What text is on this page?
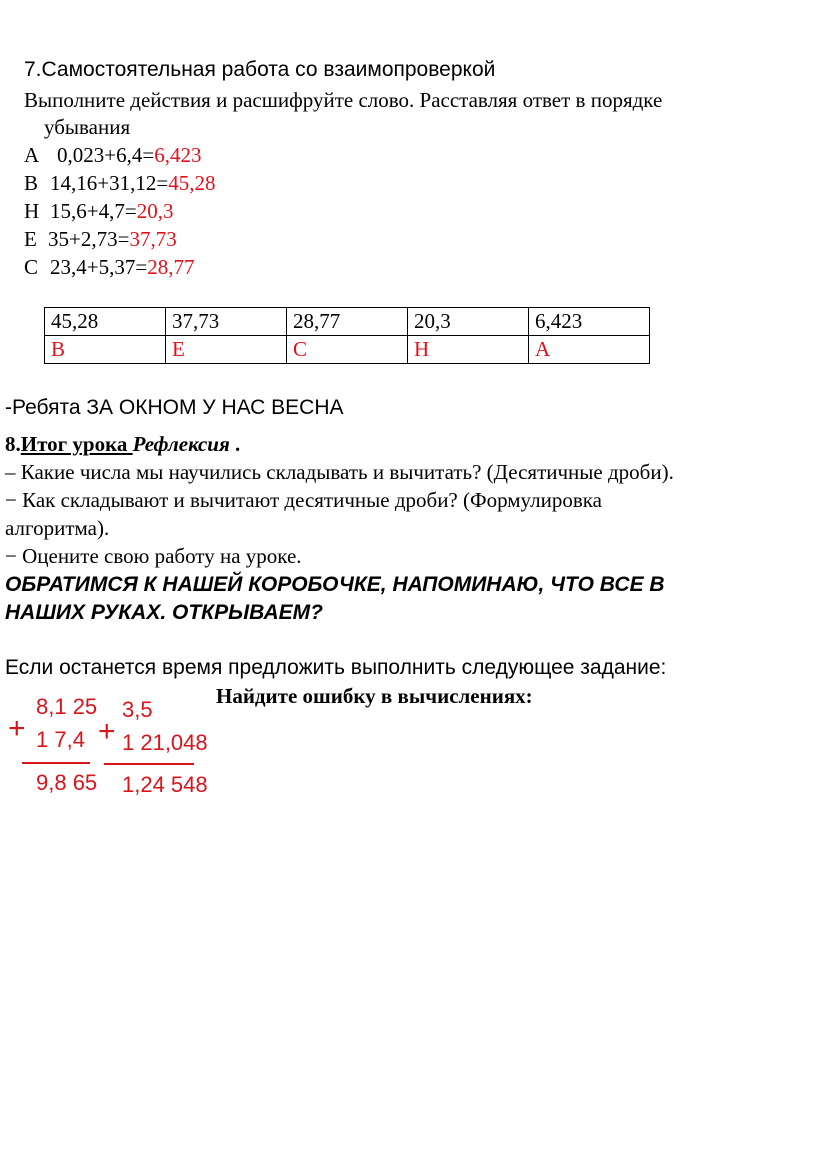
7.Самостоятельная работа со взаимопроверкой
Выполните действия и расшифруйте слово. Расставляя ответ в порядке
убывания
А 0,023+6,4=6,423
В 14,16+31,12=45,28
Н 15,6+4,7=20,3
Е 35+2,73=37,73
С 23,4+5,37=28,77
45,28	37,73	28,77	20,3	6,423
В	Е	С	Н	А
-Ребята ЗА ОКНОМ У НАС ВЕСНА
8.Итог урока Рефлексия .
– Какие числа мы научились складывать и вычитать? (Десятичные дроби).
− Как складывают и вычитают десятичные дроби? (Формулировка
алгоритма).
− Оцените свою работу на уроке.
ОБРАТИМСЯ К НАШЕЙ КОРОБОЧКЕ, НАПОМИНАЮ, ЧТО ВСЕ В
НАШИХ РУКАХ. ОТКРЫВАЕМ?
Если останется время предложить выполнить следующее задание:
Найдите ошибку в вычислениях:
+
8,1 25
1 7,4
9,8 65
+
3,5
1 21,048
1,24 548
